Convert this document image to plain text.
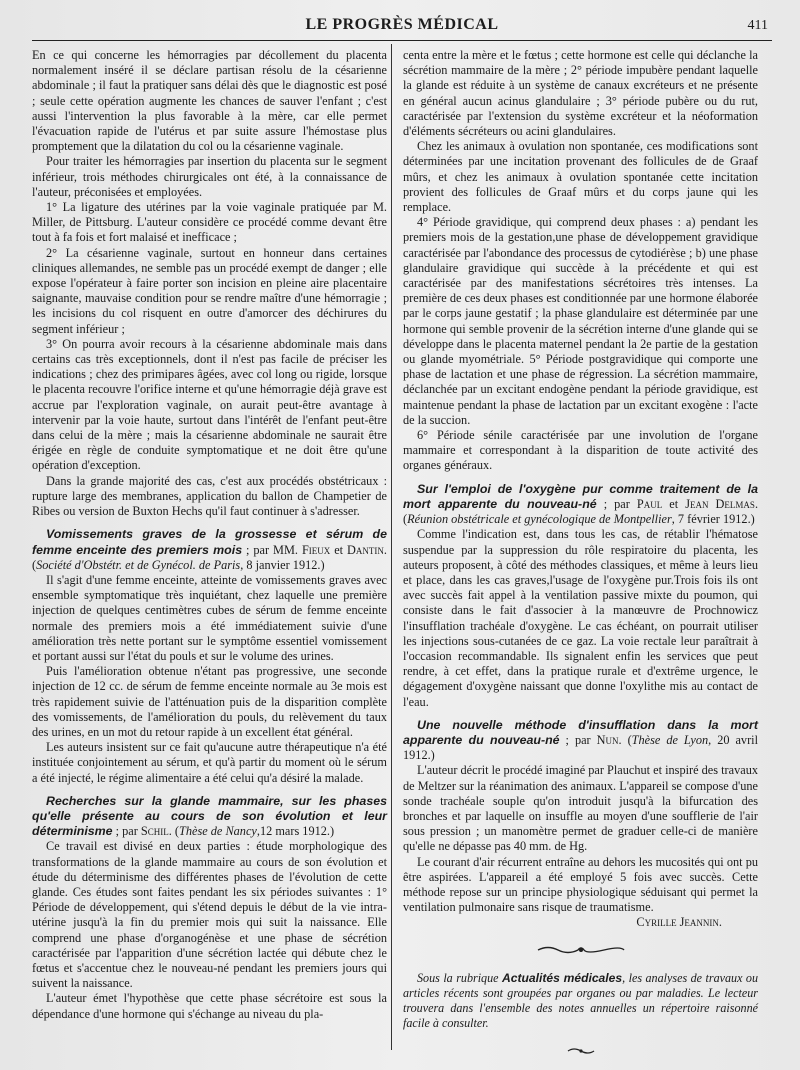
LE PROGRÈS MÉDICAL	411

En ce qui concerne les hémorragies par décollement du placenta normalement inséré il se déclare partisan résolu de la césarienne abdominale ; il faut la pratiquer sans délai dès que le diagnostic est posé ; seule cette opération augmente les chances de sauver l'enfant ; c'est aussi l'intervention la plus favorable à la mère, car elle permet l'évacuation rapide de l'utérus et par suite assure l'hémostase plus promptement que la dilatation du col ou la césarienne vaginale.

Pour traiter les hémorragies par insertion du placenta sur le segment inférieur, trois méthodes chirurgicales ont été, à la connaissance de l'auteur, préconisées et employées.

1° La ligature des utérines par la voie vaginale pratiquée par M. Miller, de Pittsburg. L'auteur considère ce procédé comme devant être tout à fa fois et fort malaisé et inefficace ;

2° La césarienne vaginale, surtout en honneur dans certaines cliniques allemandes, ne semble pas un procédé exempt de danger ; elle expose l'opérateur à faire porter son incision en pleine aire placentaire saignante, mauvaise condition pour se rendre maître d'une hémorragie ; les incisions du col risquent en outre d'amorcer des déchirures du segment inférieur ;

3° On pourra avoir recours à la césarienne abdominale mais dans certains cas très exceptionnels, dont il n'est pas facile de préciser les indications ; chez des primipares âgées, avec col long ou rigide, lorsque le placenta recouvre l'orifice interne et qu'une hémorragie déjà grave est accrue par l'exploration vaginale, on aurait peut-être avantage à intervenir par la voie haute, surtout dans l'intérêt de l'enfant peut-être dans celui de la mère ; mais la césarienne abdominale ne saurait être érigée en règle de conduite symptomatique et ne doit être qu'une opération d'exception.

Dans la grande majorité des cas, c'est aux procédés obstétricaux : rupture large des membranes, application du ballon de Champetier de Ribes ou version de Buxton Hechs qu'il faut continuer à s'adresser.

Vomissements graves de la grossesse et sérum de femme enceinte des premiers mois ; par MM. Fieux et Dantin. (Société d'Obstétr. et de Gynécol. de Paris, 8 janvier 1912.)

Il s'agit d'une femme enceinte, atteinte de vomissements graves avec ensemble symptomatique très inquiétant, chez laquelle une première injection de quelques centimètres cubes de sérum de femme enceinte normale des premiers mois a été immédiatement suivie d'une amélioration très nette portant sur le symptôme essentiel vomissement et portant aussi sur l'état du pouls et sur le volume des urines.

Puis l'amélioration obtenue n'étant pas progressive, une seconde injection de 12 cc. de sérum de femme enceinte normale au 3e mois est très rapidement suivie de l'atténuation puis de la disparition complète des vomissements, de l'amélioration du pouls, du relèvement du taux des urines, en un mot du retour rapide à un excellent état général.

Les auteurs insistent sur ce fait qu'aucune autre thérapeutique n'a été instituée conjointement au sérum, et qu'à partir du moment où le sérum a été injecté, le régime alimentaire a été celui qu'a désiré la malade.

Recherches sur la glande mammaire, sur les phases qu'elle présente au cours de son évolution et leur déterminisme ; par Schil. (Thèse de Nancy,12 mars 1912.)

Ce travail est divisé en deux parties : étude morphologique des transformations de la glande mammaire au cours de son évolution et étude du déterminisme des différentes phases de l'évolution de cette glande. Ces études sont faites pendant les six périodes suivantes : 1° Période de développement, qui s'étend depuis le début de la vie intra-utérine jusqu'à la fin du premier mois qui suit la naissance. Elle comprend une phase d'organogénèse et une phase de sécrétion caractérisée par l'apparition d'une sécrétion lactée qui débute chez le fœtus et s'accentue chez le nouveau-né pendant les premiers jours qui suivent la naissance.

L'auteur émet l'hypothèse que cette phase sécrétoire est sous la dépendance d'une hormone qui s'échange au niveau du pla-

centa entre la mère et le fœtus ; cette hormone est celle qui déclanche la sécrétion mammaire de la mère ; 2° période impubère pendant laquelle la glande est réduite à un système de canaux excréteurs et ne présente en général aucun acinus glandulaire ; 3° période pubère ou du rut, caractérisée par l'extension du système excréteur et la néoformation d'éléments sécréteurs ou acini glandulaires.

Chez les animaux à ovulation non spontanée, ces modifications sont déterminées par une incitation provenant des follicules de de Graaf mûrs, et chez les animaux à ovulation spontanée cette incitation provient des follicules de Graaf mûrs et du corps jaune qui les remplace.

4° Période gravidique, qui comprend deux phases : a) pendant les premiers mois de la gestation,une phase de développement gravidique caractérisée par l'abondance des processus de cytodiérèse ; b) une phase glandulaire gravidique qui succède à la précédente et qui est caractérisée par des manifestations sécrétoires très intenses. La première de ces deux phases est conditionnée par une hormone élaborée par le corps jaune gestatif ; la phase glandulaire est déterminée par une hormone qui semble provenir de la sécrétion interne d'une glande qui se développe dans le placenta maternel pendant la 2e partie de la gestation ou glande myométriale. 5° Période postgravidique qui comporte une phase de lactation et une phase de régression. La sécrétion mammaire, déclanchée par un excitant endogène pendant la période gravidique, est maintenue pendant la phase de lactation par un excitant exogène : l'acte de la succion.

6° Période sénile caractérisée par une involution de l'organe mammaire et correspondant à la disparition de toute activité des organes généraux.

Sur l'emploi de l'oxygène pur comme traitement de la mort apparente du nouveau-né ; par Paul et Jean Delmas. (Réunion obstétricale et gynécologique de Montpellier, 7 février 1912.)

Comme l'indication est, dans tous les cas, de rétablir l'hématose suspendue par la suppression du rôle respiratoire du placenta, les auteurs proposent, à côté des méthodes classiques, et même à leurs lieu et place, dans les cas graves,l'usage de l'oxygène pur.Trois fois ils ont avec succès fait appel à la ventilation passive mixte du poumon, qui consiste dans le fait d'associer à la manœuvre de Prochnowicz l'insufflation trachéale d'oxygène. Le cas échéant, on pourrait utiliser les injections sous-cutanées de ce gaz. La voie rectale leur paraîtrait à l'occasion recommandable. Ils signalent enfin les services que peut rendre, à cet effet, dans la pratique rurale et d'extrême urgence, le dégagement d'oxygène naissant que donne l'oxylithe mis au contact de l'eau.

Une nouvelle méthode d'insufflation dans la mort apparente du nouveau-né ; par Nun. (Thèse de Lyon, 20 avril 1912.)

L'auteur décrit le procédé imaginé par Plauchut et inspiré des travaux de Meltzer sur la réanimation des animaux. L'appareil se compose d'une sonde trachéale souple qu'on introduit jusqu'à la bifurcation des bronches et par laquelle on insuffle au moyen d'une soufflerie de l'air sous pression ; un manomètre permet de graduer celle-ci de manière qu'elle ne dépasse pas 40 mm. de Hg.

Le courant d'air récurrent entraîne au dehors les mucosités qui ont pu être aspirées. L'appareil a été employé 5 fois avec succès. Cette méthode repose sur un principe physiologique séduisant qui permet la ventilation pulmonaire sans risque de traumatisme.

Cyrille Jeannin.

Sous la rubrique Actualités médicales, les analyses de travaux ou articles récents sont groupées par organes ou par maladies. Le lecteur trouvera dans l'ensemble des notes annuelles un répertoire raisonné facile à consulter.
